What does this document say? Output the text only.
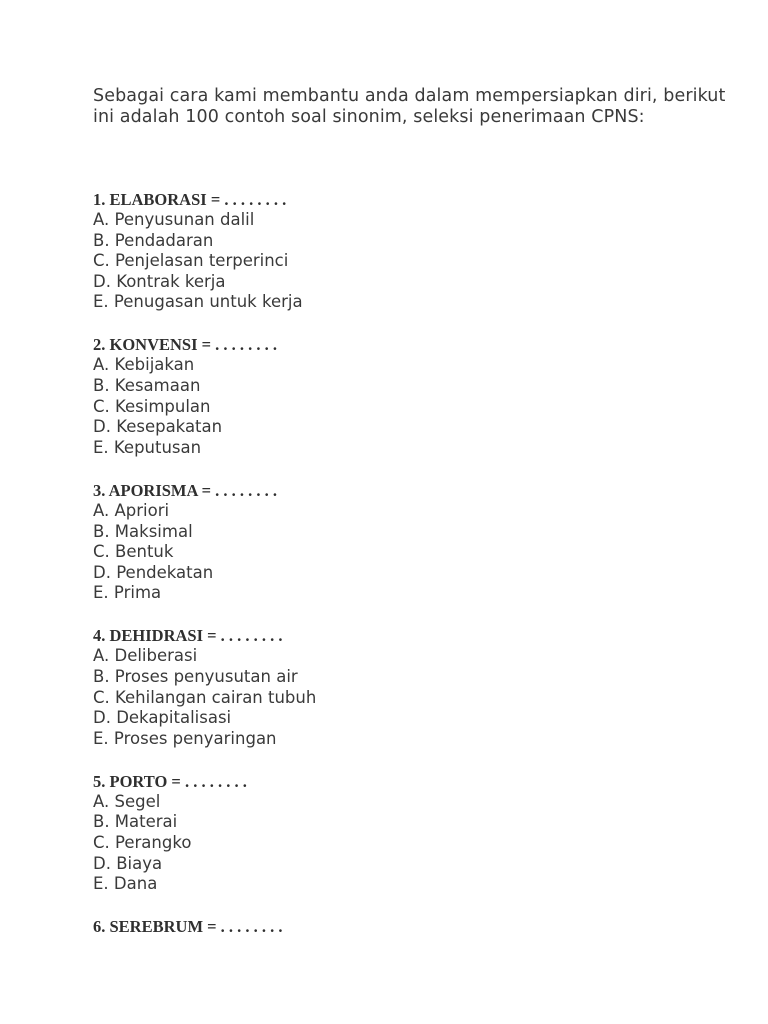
Sebagai cara kami membantu anda dalam mempersiapkan diri, berikut ini adalah 100 contoh soal sinonim, seleksi penerimaan CPNS:
1. ELABORASI = . . . . . . . .
A. Penyusunan dalil
B. Pendadaran
C. Penjelasan terperinci
D. Kontrak kerja
E. Penugasan untuk kerja
2. KONVENSI = . . . . . . . .
A. Kebijakan
B. Kesamaan
C. Kesimpulan
D. Kesepakatan
E. Keputusan
3. APORISMA = . . . . . . . .
A. Apriori
B. Maksimal
C. Bentuk
D. Pendekatan
E. Prima
4. DEHIDRASI = . . . . . . . .
A. Deliberasi
B. Proses penyusutan air
C. Kehilangan cairan tubuh
D. Dekapitalisasi
E. Proses penyaringan
5. PORTO = . . . . . . . .
A. Segel
B. Materai
C. Perangko
D. Biaya
E. Dana
6. SEREBRUM = . . . . . . . .
